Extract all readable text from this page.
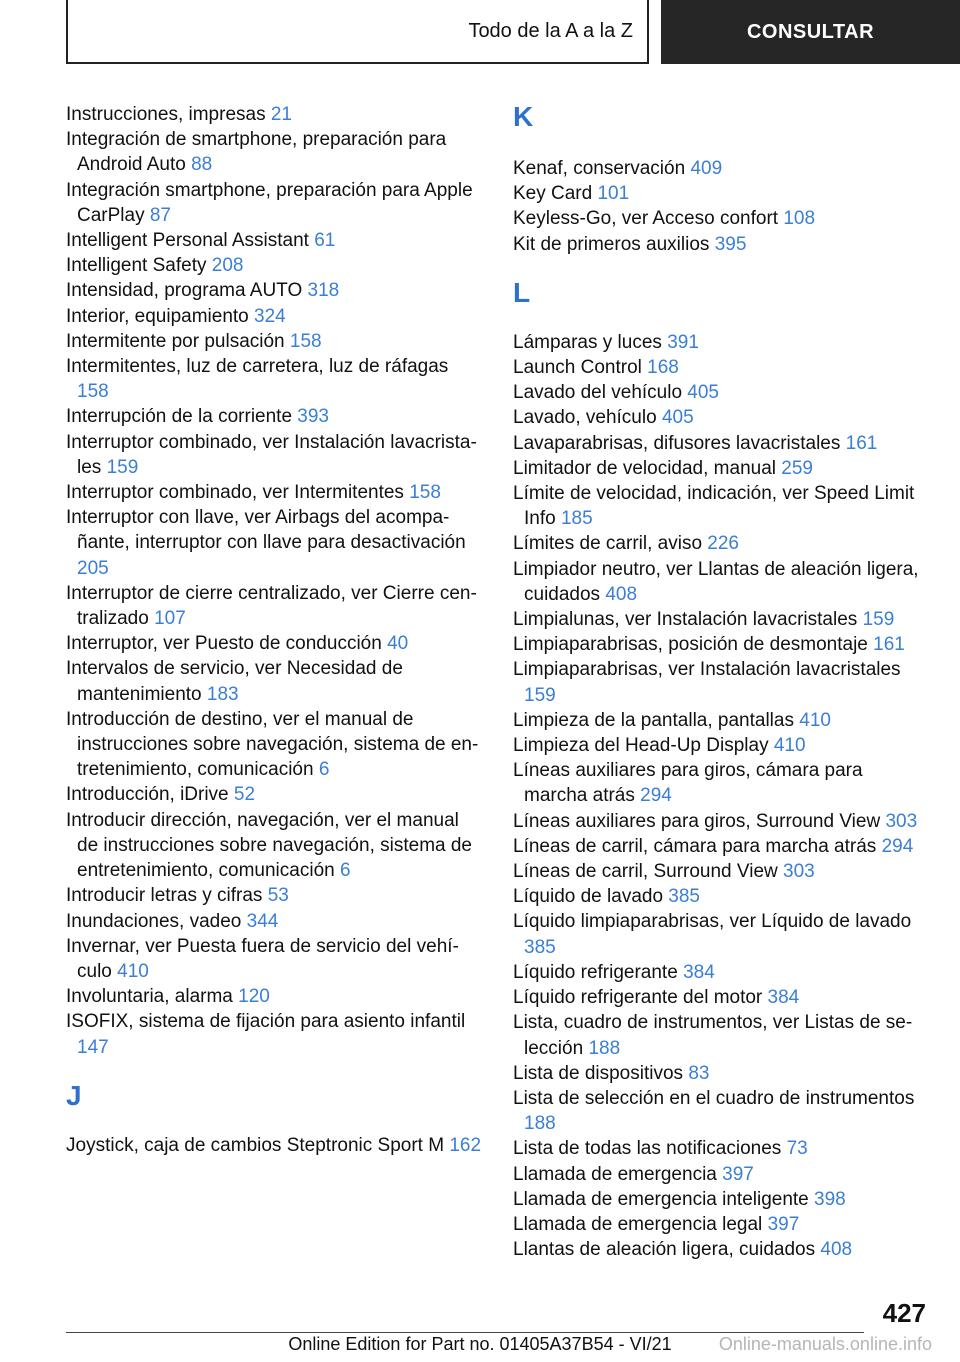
Todo de la A a la Z	CONSULTAR

Instrucciones, impresas 21

Integración de smartphone, preparación para Android Auto 88

Integración smartphone, preparación para Apple CarPlay 87

Intelligent Personal Assistant 61

Intelligent Safety 208

Intensidad, programa AUTO 318

Interior, equipamiento 324

Intermitente por pulsación 158

Intermitentes, luz de carretera, luz de ráfagas 158

Interrupción de la corriente 393

Interruptor combinado, ver Instalación lavacristales 159

Interruptor combinado, ver Intermitentes 158

Interruptor con llave, ver Airbags del acompañante, interruptor con llave para desactivación 205

Interruptor de cierre centralizado, ver Cierre centralizado 107

Interruptor, ver Puesto de conducción 40

Intervalos de servicio, ver Necesidad de mantenimiento 183

Introducción de destino, ver el manual de instrucciones sobre navegación, sistema de entretenimiento, comunicación 6

Introducción, iDrive 52

Introducir dirección, navegación, ver el manual de instrucciones sobre navegación, sistema de entretenimiento, comunicación 6

Introducir letras y cifras 53

Inundaciones, vadeo 344

Invernar, ver Puesta fuera de servicio del vehículo 410

Involuntaria, alarma 120

ISOFIX, sistema de fijación para asiento infantil 147

J

Joystick, caja de cambios Steptronic Sport M 162

K

Kenaf, conservación 409

Key Card 101

Keyless-Go, ver Acceso confort 108

Kit de primeros auxilios 395

L

Lámparas y luces 391

Launch Control 168

Lavado del vehículo 405

Lavado, vehículo 405

Lavaparabrisas, difusores lavacristales 161

Limitador de velocidad, manual 259

Límite de velocidad, indicación, ver Speed Limit Info 185

Límites de carril, aviso 226

Limpiador neutro, ver Llantas de aleación ligera, cuidados 408

Limpialunas, ver Instalación lavacristales 159

Limpiaparabrisas, posición de desmontaje 161

Limpiaparabrisas, ver Instalación lavacristales 159

Limpieza de la pantalla, pantallas 410

Limpieza del Head-Up Display 410

Líneas auxiliares para giros, cámara para marcha atrás 294

Líneas auxiliares para giros, Surround View 303

Líneas de carril, cámara para marcha atrás 294

Líneas de carril, Surround View 303

Líquido de lavado 385

Líquido limpiaparabrisas, ver Líquido de lavado 385

Líquido refrigerante 384

Líquido refrigerante del motor 384

Lista, cuadro de instrumentos, ver Listas de selección 188

Lista de dispositivos 83

Lista de selección en el cuadro de instrumentos 188

Lista de todas las notificaciones 73

Llamada de emergencia 397

Llamada de emergencia inteligente 398

Llamada de emergencia legal 397

Llantas de aleación ligera, cuidados 408

427
Online Edition for Part no. 01405A37B54 - VI/21	Online-manuals.online.info
